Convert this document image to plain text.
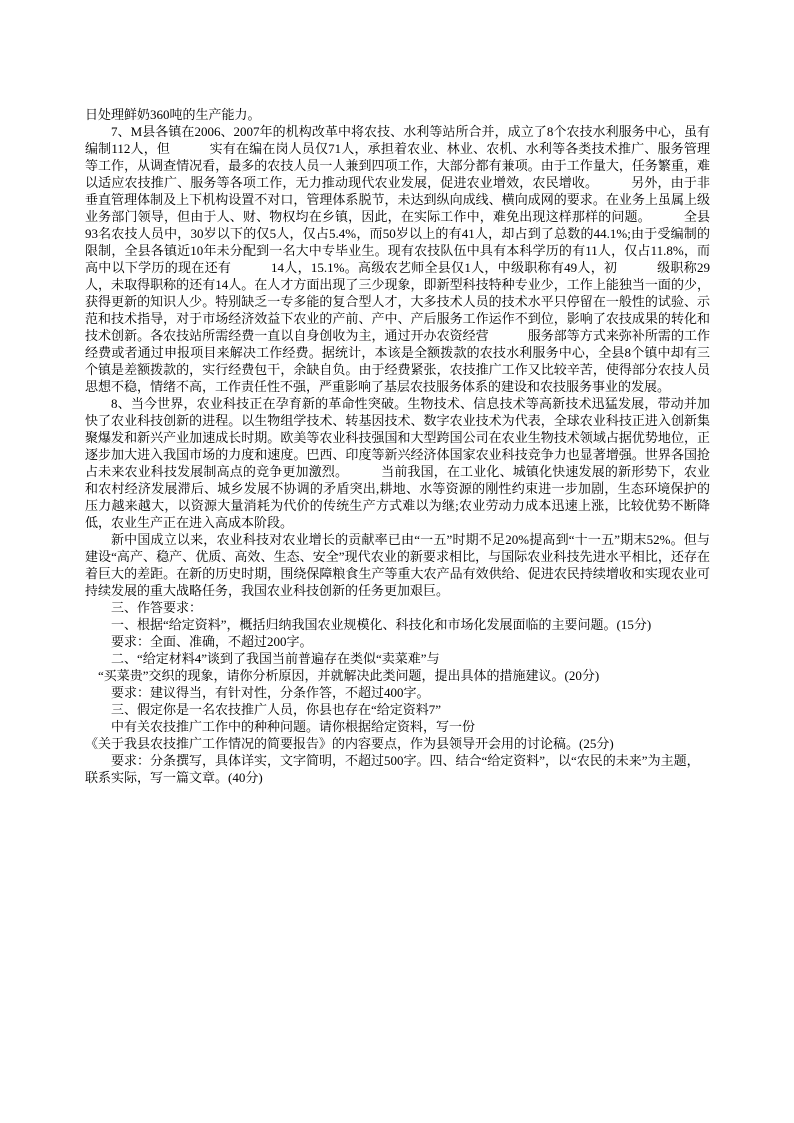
日处理鲜奶360吨的生产能力。

7、M县各镇在2006、2007年的机构改革中将农技、水利等站所合并，成立了8个农技水利服务中心，虽有编制112人，但　　　实有在编在岗人员仅71人，承担着农业、林业、农机、水利等各类技术推广、服务管理等工作，从调查情况看，最多的农技人员一人兼到四项工作，大部分都有兼项。由于工作量大，任务繁重，难以适应农技推广、服务等各项工作，无力推动现代农业发展，促进农业增效，农民增收。　　　另外，由于非垂直管理体制及上下机构设置不对口，管理体系脱节，未达到纵向成线、横向成网的要求。在业务上虽属上级业务部门领导，但由于人、财、物权均在乡镇，因此，在实际工作中，难免出现这样那样的问题。　　　全县93名农技人员中，30岁以下的仅5人，仅占5.4%，而50岁以上的有41人，却占到了总数的44.1%;由于受编制的限制，全县各镇近10年未分配到一名大中专毕业生。现有农技队伍中具有本科学历的有11人，仅占11.8%，而高中以下学历的现在还有　　　14人，15.1%。高级农艺师全县仅1人，中级职称有49人，初　　　级职称29人，未取得职称的还有14人。在人才方面出现了三少现象，即新型科技特种专业少，工作上能独当一面的少，获得更新的知识人少。特别缺乏一专多能的复合型人才，大多技术人员的技术水平只停留在一般性的试验、示范和技术指导，对于市场经济效益下农业的产前、产中、产后服务工作运作不到位，影响了农技成果的转化和技术创新。各农技站所需经费一直以自身创收为主，通过开办农资经营　　　服务部等方式来弥补所需的工作经费或者通过申报项目来解决工作经费。据统计，本该是全额拨款的农技水利服务中心，全县8个镇中却有三个镇是差额拨款的，实行经费包干，余缺自负。由于经费紧张，农技推广工作又比较辛苦，使得部分农技人员思想不稳，情绪不高，工作责任性不强，严重影响了基层农技服务体系的建设和农技服务事业的发展。

8、当今世界，农业科技正在孕育新的革命性突破。生物技术、信息技术等高新技术迅猛发展，带动并加快了农业科技创新的进程。以生物组学技术、转基因技术、数字农业技术为代表，全球农业科技正进入创新集聚爆发和新兴产业加速成长时期。欧美等农业科技强国和大型跨国公司在农业生物技术领域占据优势地位，正逐步加大进入我国市场的力度和速度。巴西、印度等新兴经济体国家农业科技竞争力也显著增强。世界各国抢占未来农业科技发展制高点的竞争更加激烈。　　　当前我国，在工业化、城镇化快速发展的新形势下，农业和农村经济发展滞后、城乡发展不协调的矛盾突出,耕地、水等资源的刚性约束进一步加剧，生态环境保护的压力越来越大，以资源大量消耗为代价的传统生产方式难以为继;农业劳动力成本迅速上涨，比较优势不断降低，农业生产正在进入高成本阶段。

新中国成立以来，农业科技对农业增长的贡献率已由“一五”时期不足20%提高到“十一五”期末52%。但与建设“高产、稳产、优质、高效、生态、安全”现代农业的新要求相比，与国际农业科技先进水平相比，还存在着巨大的差距。在新的历史时期，围绕保障粮食生产等重大农产品有效供给、促进农民持续增收和实现农业可持续发展的重大战略任务，我国农业科技创新的任务更加艰巨。

三、作答要求：

一、根据“给定资料”，概括归纳我国农业规模化、科技化和市场化发展面临的主要问题。(15分)

要求：全面、准确，不超过200字。

二、“给定材料4”谈到了我国当前普遍存在类似“卖菜难”与

“买菜贵”交织的现象，请你分析原因，并就解决此类问题，提出具体的措施建议。(20分)

要求：建议得当，有针对性，分条作答，不超过400字。

三、假定你是一名农技推广人员，你县也存在“给定资料7”

中有关农技推广工作中的种种问题。请你根据给定资料，写一份

《关于我县农技推广工作情况的简要报告》的内容要点，作为县领导开会用的讨论稿。(25分)

要求：分条撰写，具体详实，文字简明，不超过500字。四、结合“给定资料”，以“农民的未来”为主题，联系实际，写一篇文章。(40分)
